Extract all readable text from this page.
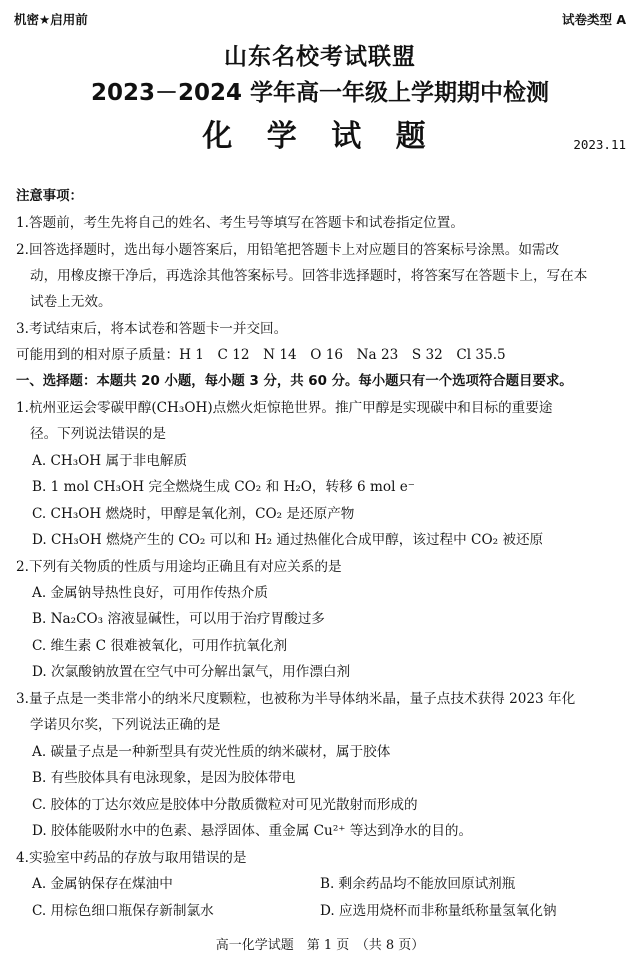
机密★启用前	试卷类型 A
山东名校考试联盟
2023－2024 学年高一年级上学期期中检测
化 学 试 题	2023.11
注意事项：
1.答题前，考生先将自己的姓名、考生号等填写在答题卡和试卷指定位置。
2.回答选择题时，选出每小题答案后，用铅笔把答题卡上对应题目的答案标号涂黑。如需改
动，用橡皮擦干净后，再选涂其他答案标号。回答非选择题时，将答案写在答题卡上，写在本
试卷上无效。
3.考试结束后，将本试卷和答题卡一并交回。
可能用到的相对原子质量：H 1　C 12　N 14　O 16　Na 23　S 32　Cl 35.5
一、选择题：本题共 20 小题，每小题 3 分，共 60 分。每小题只有一个选项符合题目要求。
1.杭州亚运会零碳甲醇(CH₃OH)点燃火炬惊艳世界。推广甲醇是实现碳中和目标的重要途
径。下列说法错误的是
A. CH₃OH 属于非电解质
B. 1 mol CH₃OH 完全燃烧生成 CO₂ 和 H₂O，转移 6 mol e⁻
C. CH₃OH 燃烧时，甲醇是氧化剂，CO₂ 是还原产物
D. CH₃OH 燃烧产生的 CO₂ 可以和 H₂ 通过热催化合成甲醇，该过程中 CO₂ 被还原
2.下列有关物质的性质与用途均正确且有对应关系的是
A. 金属钠导热性良好，可用作传热介质
B. Na₂CO₃ 溶液显碱性，可以用于治疗胃酸过多
C. 维生素 C 很难被氧化，可用作抗氧化剂
D. 次氯酸钠放置在空气中可分解出氯气，用作漂白剂
3.量子点是一类非常小的纳米尺度颗粒，也被称为半导体纳米晶，量子点技术获得 2023 年化
学诺贝尔奖，下列说法正确的是
A. 碳量子点是一种新型具有荧光性质的纳米碳材，属于胶体
B. 有些胶体具有电泳现象，是因为胶体带电
C. 胶体的丁达尔效应是胶体中分散质微粒对可见光散射而形成的
D. 胶体能吸附水中的色素、悬浮固体、重金属 Cu²⁺ 等达到净水的目的。
4.实验室中药品的存放与取用错误的是
A. 金属钠保存在煤油中	B. 剩余药品均不能放回原试剂瓶
C. 用棕色细口瓶保存新制氯水	D. 应选用烧杯而非称量纸称量氢氧化钠
高一化学试题　第 1 页　（共 8 页）
